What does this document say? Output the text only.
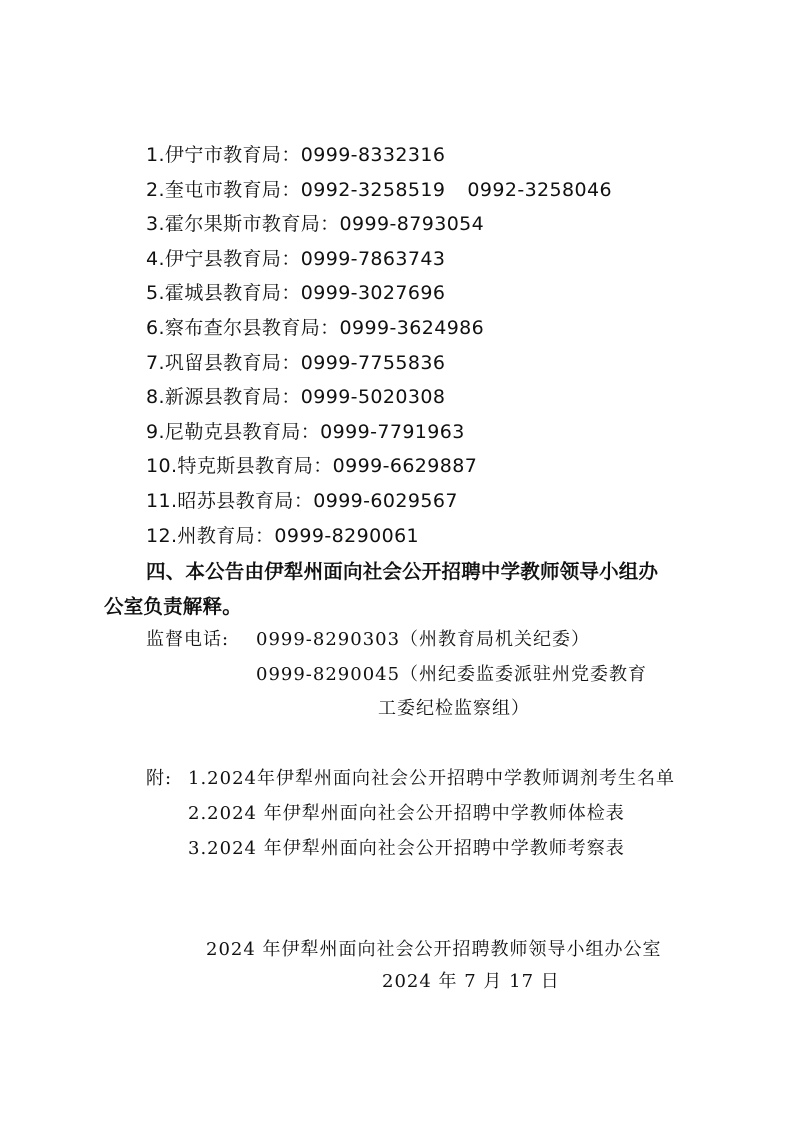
1.伊宁市教育局：0999-8332316
2.奎屯市教育局：0992-3258519 0992-3258046
3.霍尔果斯市教育局：0999-8793054
4.伊宁县教育局：0999-7863743
5.霍城县教育局：0999-3027696
6.察布查尔县教育局：0999-3624986
7.巩留县教育局：0999-7755836
8.新源县教育局：0999-5020308
9.尼勒克县教育局：0999-7791963
10.特克斯县教育局：0999-6629887
11.昭苏县教育局：0999-6029567
12.州教育局：0999-8290061
四、本公告由伊犁州面向社会公开招聘中学教师领导小组办
公室负责解释。
监督电话: 0999-8290303（州教育局机关纪委）
0999-8290045（州纪委监委派驻州党委教育
工委纪检监察组）
附: 1.2024年伊犁州面向社会公开招聘中学教师调剂考生名单
2.2024 年伊犁州面向社会公开招聘中学教师体检表
3.2024 年伊犁州面向社会公开招聘中学教师考察表
2024 年伊犁州面向社会公开招聘教师领导小组办公室
2024 年 7 月 17 日
